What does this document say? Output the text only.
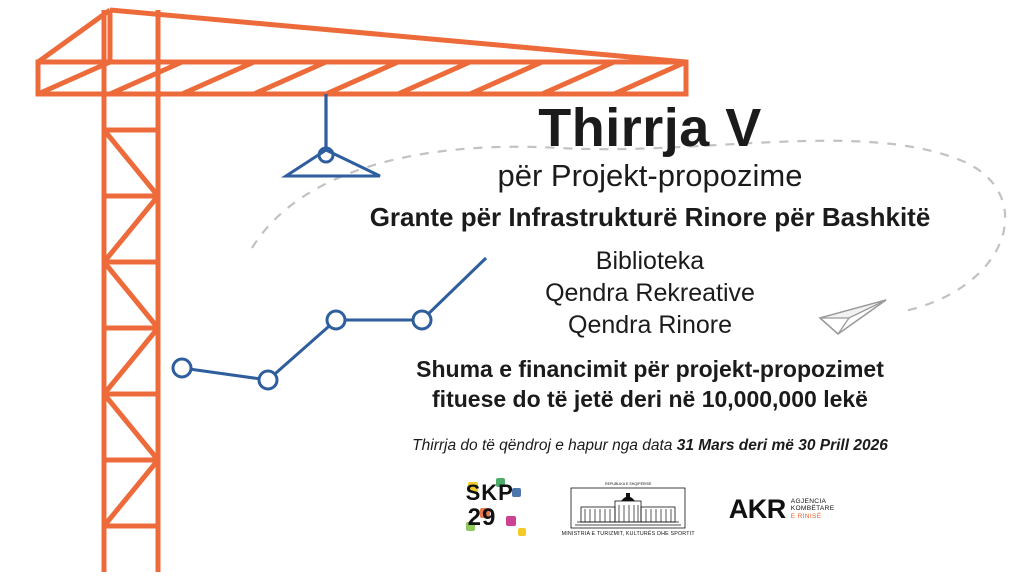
Thirrja V
për Projekt-propozime
Grante për Infrastrukturë Rinore për Bashkitë
Biblioteka
Qendra Rekreative
Qendra Rinore
Shuma e financimit për projekt-propozimet
fituese do të jetë deri në 10,000,000 lekë
Thirrja do të qëndroj e hapur nga data 31 Mars deri më 30 Prill 2026
SKP
29
REPUBLIKA E SHQIPËRISË
MINISTRIA E TURIZMIT, KULTURËS DHE SPORTIT
AKR AGJENCIA
KOMBËTARE
E RINISË
